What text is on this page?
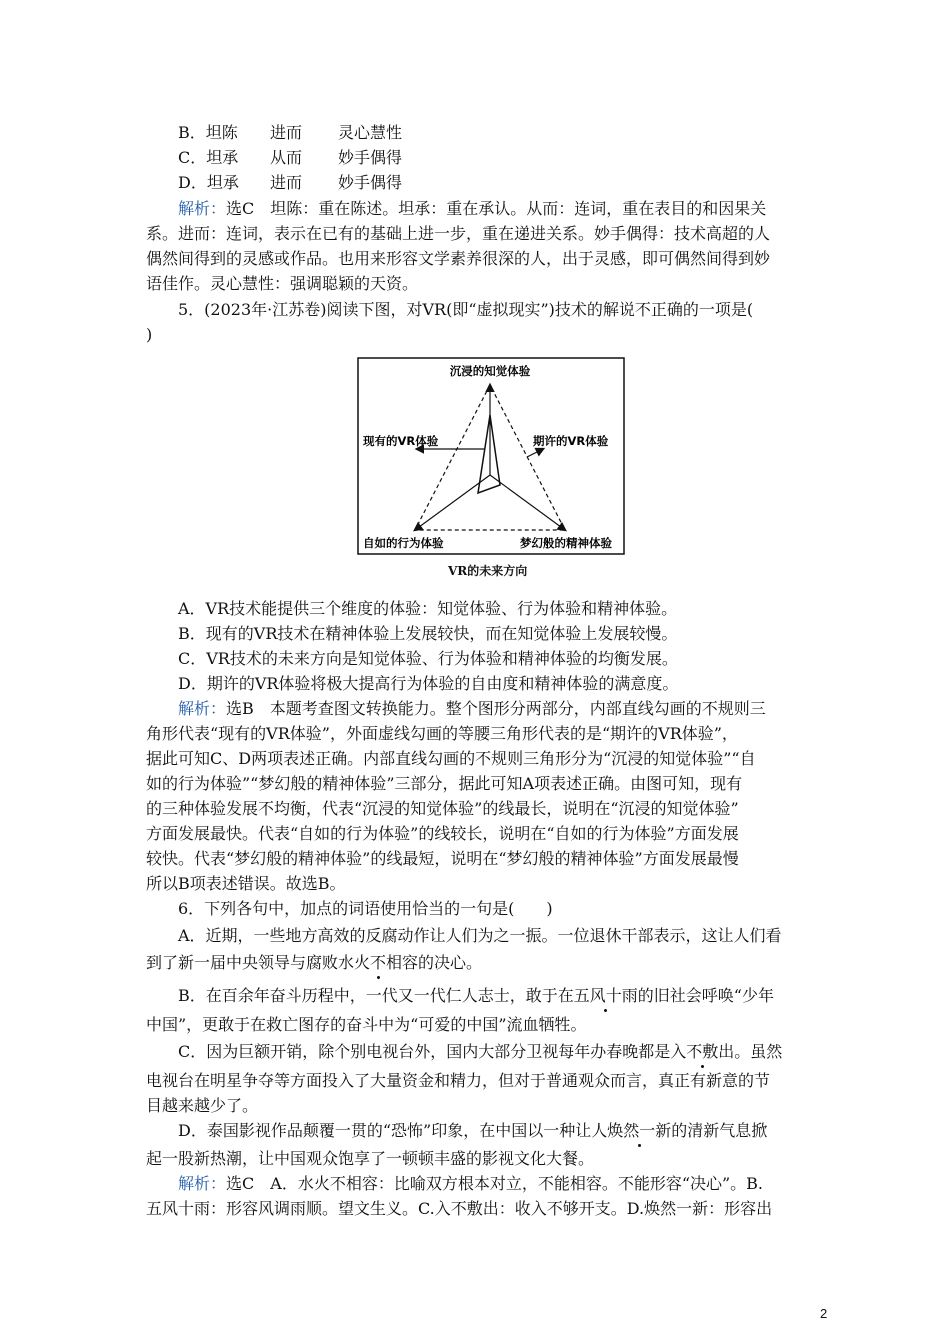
B．坦陈 进而 灵心慧性
C．坦承 从而 妙手偶得
D．坦承 进而 妙手偶得
解析：选C　坦陈：重在陈述。坦承：重在承认。从而：连词，重在表目的和因果关
系。进而：连词，表示在已有的基础上进一步，重在递进关系。妙手偶得：技术高超的人
偶然间得到的灵感或作品。也用来形容文学素养很深的人，出于灵感，即可偶然间得到妙
语佳作。灵心慧性：强调聪颖的天资。
5．(2023年·江苏卷)阅读下图，对VR(即“虚拟现实”)技术的解说不正确的一项是(
)
沉浸的知觉体验
现有的VR体验	期许的VR体验
自如的行为体验	梦幻般的精神体验
VR的未来方向
A．VR技术能提供三个维度的体验：知觉体验、行为体验和精神体验。
B．现有的VR技术在精神体验上发展较快，而在知觉体验上发展较慢。
C．VR技术的未来方向是知觉体验、行为体验和精神体验的均衡发展。
D．期许的VR体验将极大提高行为体验的自由度和精神体验的满意度。
解析：选B　本题考查图文转换能力。整个图形分两部分，内部直线勾画的不规则三
角形代表“现有的VR体验”，外面虚线勾画的等腰三角形代表的是“期许的VR体验”，
据此可知C、D两项表述正确。内部直线勾画的不规则三角形分为“沉浸的知觉体验”“自
如的行为体验”“梦幻般的精神体验”三部分，据此可知A项表述正确。由图可知，现有
的三种体验发展不均衡，代表“沉浸的知觉体验”的线最长，说明在“沉浸的知觉体验”
方面发展最快。代表“自如的行为体验”的线较长，说明在“自如的行为体验”方面发展
较快。代表“梦幻般的精神体验”的线最短，说明在“梦幻般的精神体验”方面发展最慢
所以B项表述错误。故选B。
6．下列各句中，加点的词语使用恰当的一句是(　　)
A．近期，一些地方高效的反腐动作让人们为之一振。一位退休干部表示，这让人们看
到了新一届中央领导与腐败水火不相容的决心。
B．在百余年奋斗历程中，一代又一代仁人志士，敢于在五风十雨的旧社会呼唤“少年
中国”，更敢于在救亡图存的奋斗中为“可爱的中国”流血牺牲。
C．因为巨额开销，除个别电视台外，国内大部分卫视每年办春晚都是入不敷出。虽然
电视台在明星争夺等方面投入了大量资金和精力，但对于普通观众而言，真正有新意的节
目越来越少了。
D．泰国影视作品颠覆一贯的“恐怖”印象，在中国以一种让人焕然一新的清新气息掀
起一股新热潮，让中国观众饱享了一顿顿丰盛的影视文化大餐。
解析：选C　A．水火不相容：比喻双方根本对立，不能相容。不能形容“决心”。B.
五风十雨：形容风调雨顺。望文生义。C.入不敷出：收入不够开支。D.焕然一新：形容出
2
